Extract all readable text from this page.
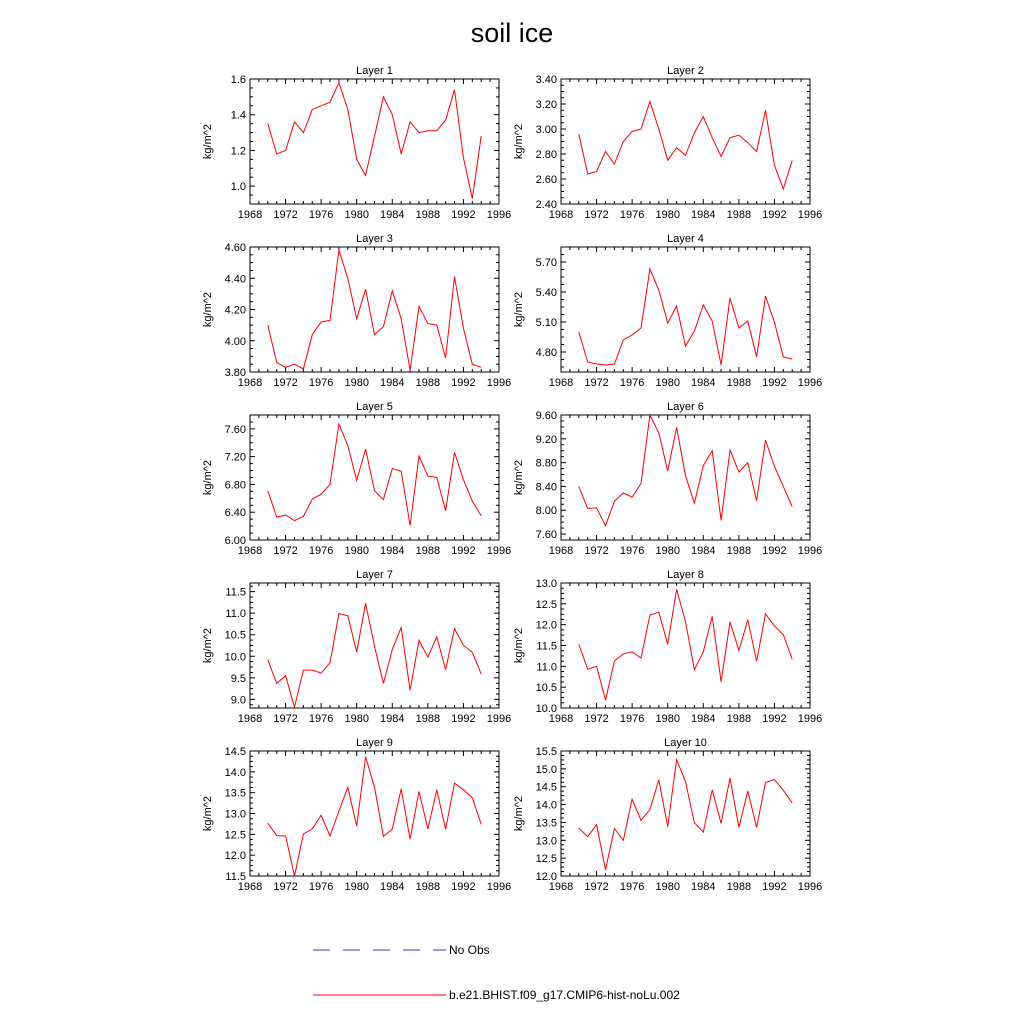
soil ice
Layer 1
1968 1972 1976 1980 1984 1988 1992 1996
1.0
1.2
1.4
1.6
kg/m^2
Layer 2
1968 1972 1976 1980 1984 1988 1992 1996
2.40
2.60
2.80
3.00
3.20
3.40
kg/m^2
Layer 3
1968 1972 1976 1980 1984 1988 1992 1996
3.80
4.00
4.20
4.40
4.60
kg/m^2
Layer 4
1968 1972 1976 1980 1984 1988 1992 1996
4.80
5.10
5.40
5.70
kg/m^2
Layer 5
1968 1972 1976 1980 1984 1988 1992 1996
6.00
6.40
6.80
7.20
7.60
kg/m^2
Layer 6
1968 1972 1976 1980 1984 1988 1992 1996
7.60
8.00
8.40
8.80
9.20
9.60
kg/m^2
Layer 7
1968 1972 1976 1980 1984 1988 1992 1996
9.0
9.5
10.0
10.5
11.0
11.5
kg/m^2
Layer 8
1968 1972 1976 1980 1984 1988 1992 1996
10.0
10.5
11.0
11.5
12.0
12.5
13.0
kg/m^2
Layer 9
1968 1972 1976 1980 1984 1988 1992 1996
11.5
12.0
12.5
13.0
13.5
14.0
14.5
kg/m^2
Layer 10
1968 1972 1976 1980 1984 1988 1992 1996
12.0
12.5
13.0
13.5
14.0
14.5
15.0
15.5
kg/m^2
No Obs
b.e21.BHIST.f09_g17.CMIP6-hist-noLu.002
